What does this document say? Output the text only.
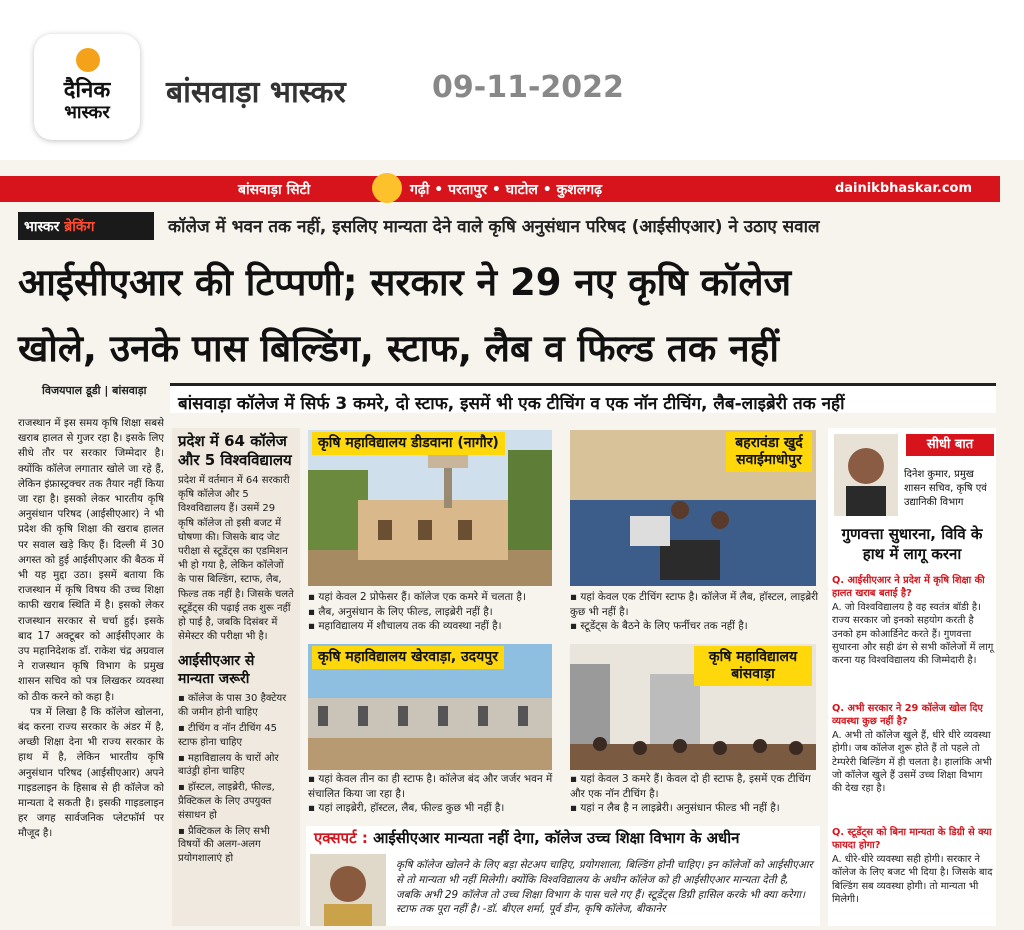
दैनिक
भास्कर
बांसवाड़ा भास्कर	09-11-2022
बांसवाड़ा सिटी	गढ़ी • परतापुर • घाटोल • कुशलगढ़	dainikbhaskar.com
भास्कर ब्रेकिंग	कॉलेज में भवन तक नहीं, इसलिए मान्यता देने वाले कृषि अनुसंधान परिषद (आईसीएआर) ने उठाए सवाल
आईसीएआर की टिप्पणी; सरकार ने 29 नए कृषि कॉलेज
खोले, उनके पास बिल्डिंग, स्टाफ, लैब व फिल्ड तक नहीं
विजयपाल डूडी | बांसवाड़ा
बांसवाड़ा कॉलेज में सिर्फ 3 कमरे, दो स्टाफ, इसमें भी एक टीचिंग व एक नॉन टीचिंग, लैब-लाइब्रेरी तक नहीं

राजस्थान में इस समय कृषि शिक्षा सबसे खराब हालत से गुजर रहा है। इसके लिए सीधे तौर पर सरकार जिम्मेदार है। क्योंकि कॉलेज लगातार खोले जा रहे हैं, लेकिन इंफ्रास्ट्रक्चर तक तैयार नहीं किया जा रहा है। इसको लेकर भारतीय कृषि अनुसंधान परिषद (आईसीएआर) ने भी प्रदेश की कृषि शिक्षा की खराब हालत पर सवाल खड़े किए हैं। दिल्ली में 30 अगस्त को हुई आईसीएआर की बैठक में भी यह मुद्दा उठा। इसमें बताया कि राजस्थान में कृषि विषय की उच्च शिक्षा काफी खराब स्थिति में है। इसको लेकर राजस्थान सरकार से चर्चा हुई। इसके बाद 17 अक्टूबर को आईसीएआर के उप महानिदेशक डॉ. राकेश चंद्र अग्रवाल ने राजस्थान कृषि विभाग के प्रमुख शासन सचिव को पत्र लिखकर व्यवस्था को ठीक करने को कहा है।

पत्र में लिखा है कि कॉलेज खोलना, बंद करना राज्य सरकार के अंडर में है, अच्छी शिक्षा देना भी राज्य सरकार के हाथ में है, लेकिन भारतीय कृषि अनुसंधान परिषद (आईसीएआर) अपने गाइडलाइन के हिसाब से ही कॉलेज को मान्यता दे सकती है। इसकी गाइडलाइन हर जगह सार्वजनिक प्लेटफॉर्म पर मौजूद है।

प्रदेश में 64 कॉलेज और 5 विश्वविद्यालय
प्रदेश में वर्तमान में 64 सरकारी कृषि कॉलेज और 5 विश्वविद्यालय हैं। उसमें 29 कृषि कॉलेज तो इसी बजट में घोषणा की। जिसके बाद जेट परीक्षा से स्टूडेंट्स का एडमिशन भी हो गया है, लेकिन कॉलेजों के पास बिल्डिंग, स्टाफ, लैब, फिल्ड तक नहीं है। जिसके चलते स्टूडेंट्स की पढ़ाई तक शुरू नहीं हो पाई है, जबकि दिसंबर में सेमेस्टर की परीक्षा भी है।
आईसीएआर से मान्यता जरूरी
▪ कॉलेज के पास 30 हैक्टेयर की जमीन होनी चाहिए
▪ टीचिंग व नॉन टीचिंग 45 स्टाफ होना चाहिए
▪ महाविद्यालय के चारों ओर बाउंड्री होना चाहिए
▪ हॉस्टल, लाइब्रेरी, फील्ड, प्रैक्टिकल के लिए उपयुक्त संसाधन हो
▪ प्रैक्टिकल के लिए सभी विषयों की अलग-अलग प्रयोगशालाएं हो
कृषि महाविद्यालय डीडवाना (नागौर)
▪ यहां केवल 2 प्रोफेसर हैं। कॉलेज एक कमरे में चलता है।
▪ लैब, अनुसंधान के लिए फील्ड, लाइब्रेरी नहीं है।
▪ महाविद्यालय में शौचालय तक की व्यवस्था नहीं है।
बहरावंडा खुर्द सवाईमाधोपुर
▪ यहां केवल एक टीचिंग स्टाफ है। कॉलेज में लैब, हॉस्टल, लाइब्रेरी कुछ भी नहीं है।
▪ स्टूडेंट्स के बैठने के लिए फर्नीचर तक नहीं है।
कृषि महाविद्यालय खेरवाड़ा, उदयपुर
▪ यहां केवल तीन का ही स्टाफ है। कॉलेज बंद और जर्जर भवन में संचालित किया जा रहा है।
▪ यहां लाइब्रेरी, हॉस्टल, लैब, फील्ड कुछ भी नहीं है।
कृषि महाविद्यालय बांसवाड़ा
▪ यहां केवल 3 कमरे हैं। केवल दो ही स्टाफ है, इसमें एक टीचिंग और एक नॉन टीचिंग है।
▪ यहां न लैब है न लाइब्रेरी। अनुसंधान फील्ड भी नहीं है।
सीधी बात
दिनेश कुमार, प्रमुख शासन सचिव, कृषि एवं उद्यानिकी विभाग
गुणवत्ता सुधारना, विवि के हाथ में लागू करना
Q. आईसीएआर ने प्रदेश में कृषि शिक्षा की हालत खराब बताई है?
A. जो विश्वविद्यालय है वह स्वतंत्र बॉडी है। राज्य सरकार जो इनको सहयोग करती है उनको हम कोआर्डिनेट करते हैं। गुणवत्ता सुधारना और सही ढंग से सभी कॉलेजों में लागू करना यह विश्वविद्यालय की जिम्मेदारी है।
Q. अभी सरकार ने 29 कॉलेज खोल दिए व्यवस्था कुछ नहीं है?
A. अभी तो कॉलेज खुले हैं, धीरे धीरे व्यवस्था होगी। जब कॉलेज शुरू होते हैं तो पहले तो टेम्परेरी बिल्डिंग में ही चलता है। हालांकि अभी जो कॉलेज खुले हैं उसमें उच्च शिक्षा विभाग की देख रहा है।
Q. स्टूडेंट्स को बिना मान्यता के डिग्री से क्या फायदा होगा?
A. धीरे-धीरे व्यवस्था सही होगी। सरकार ने कॉलेज के लिए बजट भी दिया है। जिसके बाद बिल्डिंग सब व्यवस्था होगी। तो मान्यता भी मिलेगी।
एक्सपर्ट : आईसीएआर मान्यता नहीं देगा, कॉलेज उच्च शिक्षा विभाग के अधीन
कृषि कॉलेज खोलने के लिए बड़ा सेटअप चाहिए, प्रयोगशाला, बिल्डिंग होनी चाहिए। इन कॉलेजों को आईसीएआर से तो मान्यता भी नहीं मिलेगी। क्योंकि विश्वविद्यालय के अधीन कॉलेज को ही आईसीएआर मान्यता देती है, जबकि अभी 29 कॉलेज तो उच्च शिक्षा विभाग के पास चले गए हैं। स्टूडेंट्स डिग्री हासिल करके भी क्या करेगा। स्टाफ तक पूरा नहीं है। -डॉ. बीएल शर्मा, पूर्व डीन, कृषि कॉलेज, बीकानेर
